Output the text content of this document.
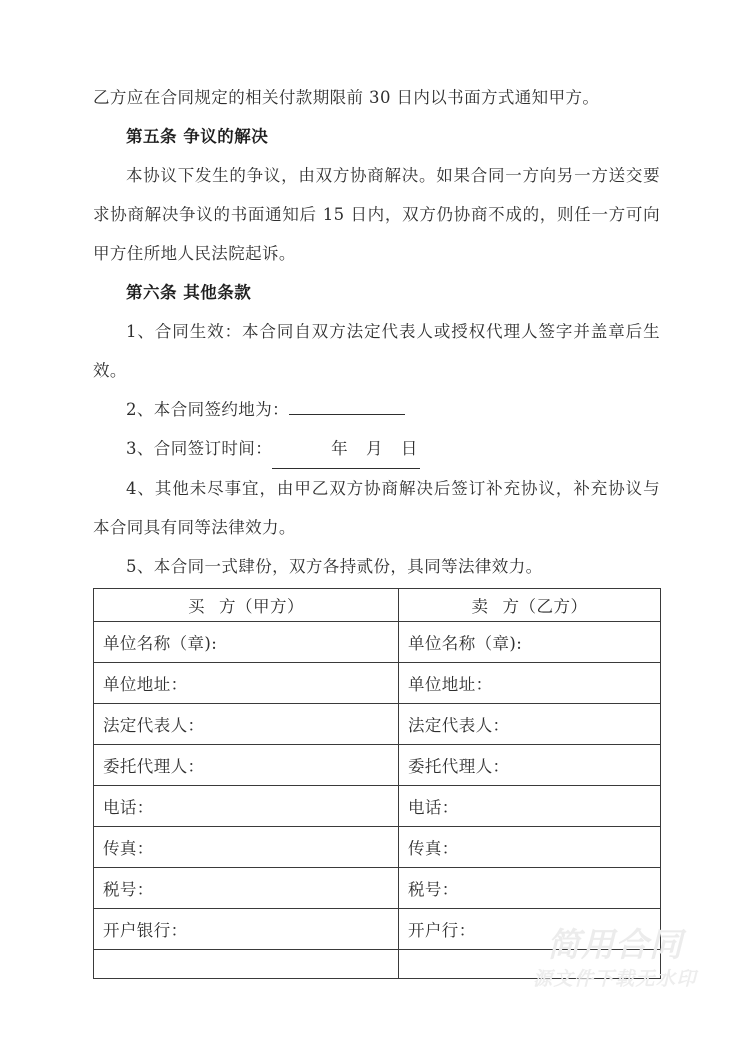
乙方应在合同规定的相关付款期限前 30 日内以书面方式通知甲方。

第五条 争议的解决

本协议下发生的争议，由双方协商解决。如果合同一方向另一方送交要求协商解决争议的书面通知后 15 日内，双方仍协商不成的，则任一方可向甲方住所地人民法院起诉。

第六条 其他条款

1、合同生效：本合同自双方法定代表人或授权代理人签字并盖章后生效。

2、本合同签约地为：

3、合同签订时间：	年 月 日

4、其他未尽事宜，由甲乙双方协商解决后签订补充协议，补充协议与本合同具有同等法律效力。

5、本合同一式肆份，双方各持贰份，具同等法律效力。

买 方（甲方）	卖 方（乙方）
单位名称（章):	单位名称（章):
单位地址：	单位地址：
法定代表人：	法定代表人：
委托代理人：	委托代理人：
电话：	电话：
传真：	传真：
税号：	税号：
开户银行：	开户行：
		简用合同
源文件下载无水印
